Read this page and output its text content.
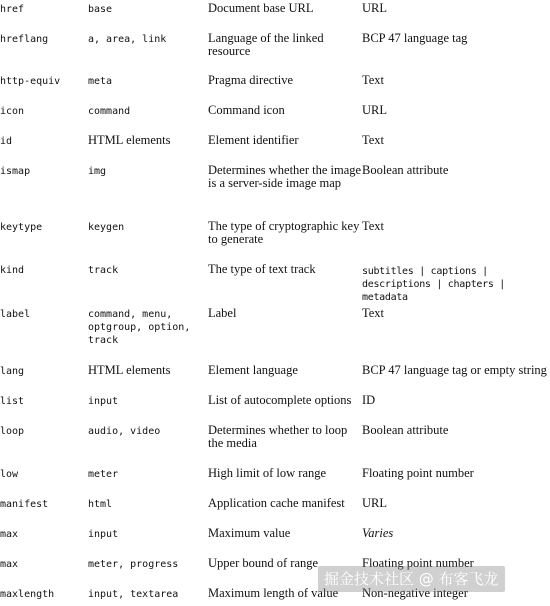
href	base	Document base URL	URL
hreflang	a, area, link	Language of the linked resource	BCP 47 language tag
http-equiv	meta	Pragma directive	Text
icon	command	Command icon	URL
id	HTML elements	Element identifier	Text
ismap	img	Determines whether the image is a server-side image map	Boolean attribute
keytype	keygen	The type of cryptographic key to generate	Text
kind	track	The type of text track	subtitles | captions | descriptions | chapters | metadata
label	command, menu, optgroup, option, track	Label	Text
lang	HTML elements	Element language	BCP 47 language tag or empty string
list	input	List of autocomplete options	ID
loop	audio, video	Determines whether to loop the media	Boolean attribute
low	meter	High limit of low range	Floating point number
manifest	html	Application cache manifest	URL
max	input	Maximum value	Varies
max	meter, progress	Upper bound of range	Floating point number
maxlength	input, textarea	Maximum length of value	Non-negative integer
掘金技术社区 @ 布客飞龙
